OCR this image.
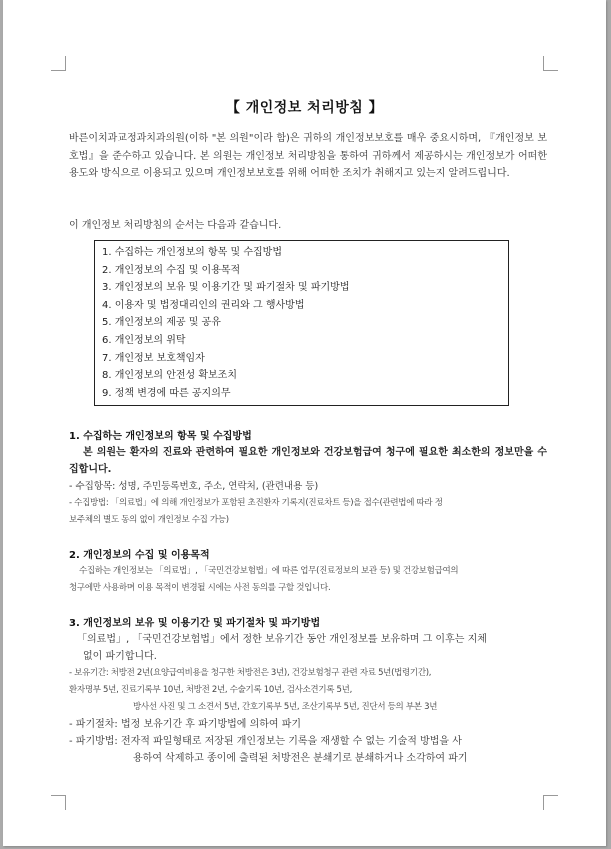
【 개인정보 처리방침 】
바른이치과교정과치과의원(이하 "본 의원"이라 함)은 귀하의 개인정보보호를 매우 중요시하며, 『개인정보 보호법』을 준수하고 있습니다. 본 의원는 개인정보 처리방침을 통하여 귀하께서 제공하시는 개인정보가 어떠한 용도와 방식으로 이용되고 있으며 개인정보보호를 위해 어떠한 조치가 취해지고 있는지 알려드립니다.
이 개인정보 처리방침의 순서는 다음과 같습니다.
1. 수집하는 개인정보의 항목 및 수집방법
2. 개인정보의 수집 및 이용목적
3. 개인정보의 보유 및 이용기간 및 파기절차 및 파기방법
4. 이용자 및 법정대리인의 권리와 그 행사방법
5. 개인정보의 제공 및 공유
6. 개인정보의 위탁
7. 개인정보 보호책임자
8. 개인정보의 안전성 확보조치
9. 정책 변경에 따른 공지의무
1. 수집하는 개인정보의 항목 및 수집방법
본 의원는 환자의 진료와 관련하여 필요한 개인정보와 건강보험급여 청구에 필요한 최소한의 정보만을 수집합니다.
- 수집항목: 성명, 주민등록번호, 주소, 연락처, (관련내용 등)
- 수집방법: 「의료법」에 의해 개인정보가 포함된 초진환자 기록지(진료차트 등)을 접수(관련법에 따라 정
보주체의 별도 동의 없이 개인정보 수집 가능)
2. 개인정보의 수집 및 이용목적
수집하는 개인정보는 「의료법」, 「국민건강보험법」에 따른 업무(진료정보의 보관 등) 및 건강보험급여의
청구에만 사용하며 이용 목적이 변경될 시에는 사전 동의를 구할 것입니다.
3. 개인정보의 보유 및 이용기간 및 파기절차 및 파기방법
「의료법」, 「국민건강보험법」에서 정한 보유기간 동안 개인정보를 보유하며 그 이후는 지체
없이 파기합니다.
- 보유기간: 처방전 2년(요양급여비용을 청구한 처방전은 3년), 건강보험청구 관련 자료 5년(법령기간),
환자명부 5년, 진료기록부 10년, 처방전 2년, 수술기록 10년, 검사소견기록 5년,
방사선 사진 및 그 소견서 5년, 간호기록부 5년, 조산기록부 5년, 진단서 등의 부본 3년
- 파기절차: 법정 보유기간 후 파기방법에 의하여 파기
- 파기방법: 전자적 파일형태로 저장된 개인정보는 기록을 재생할 수 없는 기술적 방법을 사
용하여 삭제하고 종이에 출력된 처방전은 분쇄기로 분쇄하거나 소각하여 파기
